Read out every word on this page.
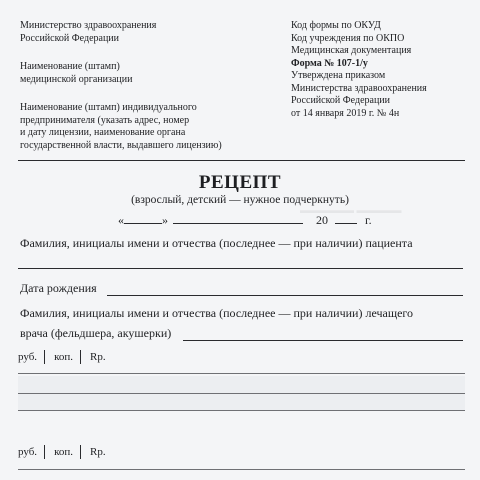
▬▬▬▬▬▬ ▬▬▬▬▬
Министерство здравоохранения
Российской Федерации
Наименование (штамп)
медицинской организации
Наименование (штамп) индивидуального
предпринимателя (указать адрес, номер
и дату лицензии, наименование органа
государственной власти, выдавшего лицензию)
Код формы по ОКУД
Код учреждения по ОКПО
Медицинская документация
Форма № 107-1/у
Утверждена приказом
Министерства здравоохранения
Российской Федерации
от 14 января 2019 г. № 4н
РЕЦЕПТ
(взрослый, детский — нужное подчеркнуть)
«	»	20	г.
Фамилия, инициалы имени и отчества (последнее — при наличии) пациента
Дата рождения
Фамилия, инициалы имени и отчества (последнее — при наличии) лечащего
врача (фельдшера, акушерки)
руб. коп. Rp.
руб. коп. Rp.
